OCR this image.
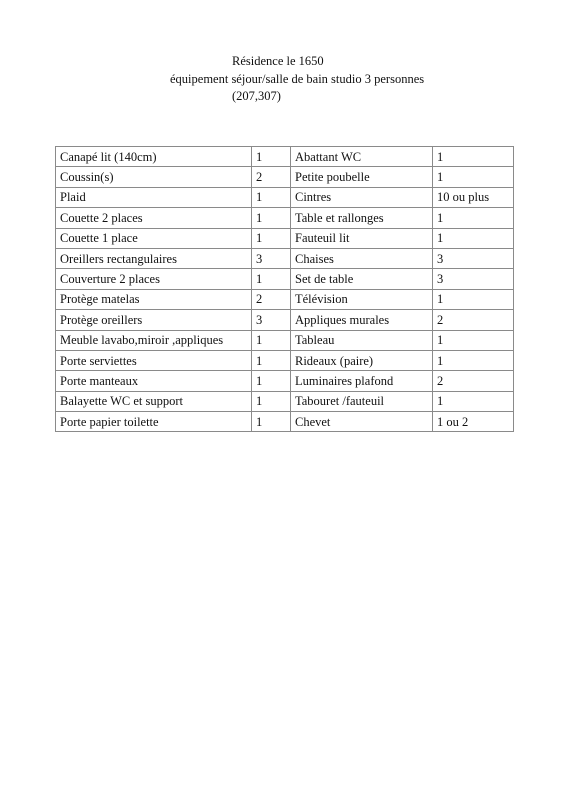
Résidence le 1650
équipement séjour/salle de bain studio 3 personnes
(207,307)
Canapé lit (140cm)	1	Abattant WC	1
Coussin(s)	2	Petite poubelle	1
Plaid	1	Cintres	10 ou plus
Couette 2 places	1	Table et rallonges	1
Couette 1 place	1	Fauteuil lit	1
Oreillers rectangulaires	3	Chaises	3
Couverture 2 places	1	Set de table	3
Protège matelas	2	Télévision	1
Protège oreillers	3	Appliques murales	2
Meuble lavabo,miroir ,appliques	1	Tableau	1
Porte serviettes	1	Rideaux (paire)	1
Porte manteaux	1	Luminaires plafond	2
Balayette WC et support	1	Tabouret /fauteuil	1
Porte papier toilette	1	Chevet	1 ou 2
